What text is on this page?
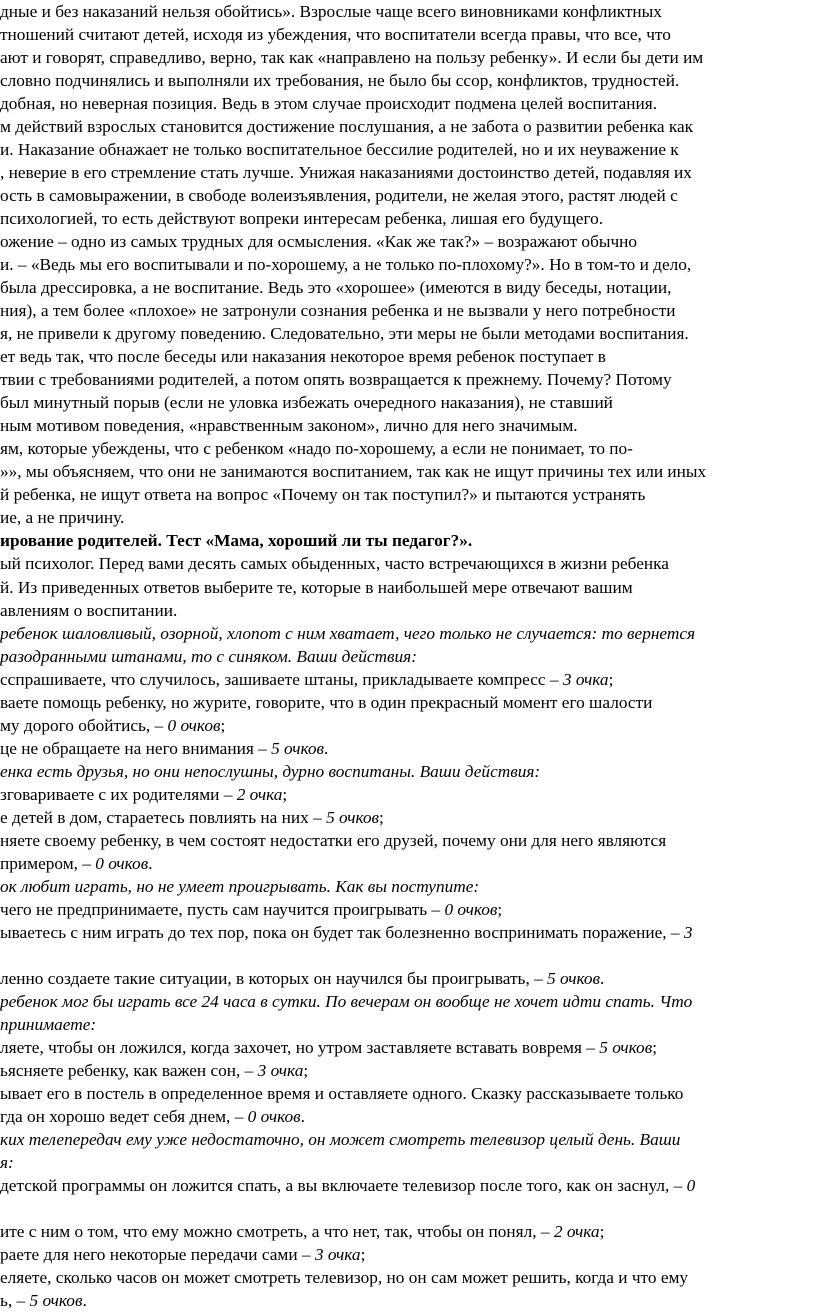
дные и без наказаний нельзя обойтись». Взрослые чаще всего виновниками конфликтных
тношений считают детей, исходя из убеждения, что воспитатели всегда правы, что все, что
ают и говорят, справедливо, верно, так как «направлено на пользу ребенку». И если бы дети им
словно подчинялись и выполняли их требования, не было бы ссор, конфликтов, трудностей.
добная, но неверная позиция. Ведь в этом случае происходит подмена целей воспитания.
м действий взрослых становится достижение послушания, а не забота о развитии ребенка как
и. Наказание обнажает не только воспитательное бессилие родителей, но и их неуважение к
, неверие в его стремление стать лучше. Унижая наказаниями достоинство детей, подавляя их
ость в самовыражении, в свободе волеизъявления, родители, не желая этого, растят людей с
психологией, то есть действуют вопреки интересам ребенка, лишая его будущего.
ожение – одно из самых трудных для осмысления. «Как же так?» – возражают обычно
и. – «Ведь мы его воспитывали и по-хорошему, а не только по-плохому?». Но в том-то и дело,
была дрессировка, а не воспитание. Ведь это «хорошее» (имеются в виду беседы, нотации,
ния), а тем более «плохое» не затронули сознания ребенка и не вызвали у него потребности
я, не привели к другому поведению. Следовательно, эти меры не были методами воспитания.
ет ведь так, что после беседы или наказания некоторое время ребенок поступает в
твии с требованиями родителей, а потом опять возвращается к прежнему. Почему? Потому
был минутный порыв (если не уловка избежать очередного наказания), не ставший
ным мотивом поведения, «нравственным законом», лично для него значимым.
ям, которые убеждены, что с ребенком «надо по-хорошему, а если не понимает, то по-
»», мы объясняем, что они не занимаются воспитанием, так как не ищут причины тех или иных
й ребенка, не ищут ответа на вопрос «Почему он так поступил?» и пытаются устранять
ие, а не причину.
ирование родителей. Тест «Мама, хороший ли ты педагог?».
ый психолог. Перед вами десять самых обыденных, часто встречающихся в жизни ребенка
й. Из приведенных ответов выберите те, которые в наибольшей мере отвечают вашим
авлениям о воспитании.
ребенок шаловливый, озорной, хлопот с ним хватает, чего только не случается: то вернется
разодранными штанами, то с синяком. Ваши действия:
сспрашиваете, что случилось, зашиваете штаны, прикладываете компресс – 3 очка;
ваете помощь ребенку, но журите, говорите, что в один прекрасный момент его шалости
му дорого обойтись, – 0 очков;
це не обращаете на него внимания – 5 очков.
енка есть друзья, но они непослушны, дурно воспитаны. Ваши действия:
зговариваете с их родителями – 2 очка;
е детей в дом, стараетесь повлиять на них – 5 очков;
няете своему ребенку, в чем состоят недостатки его друзей, почему они для него являются
примером, – 0 очков.
ок любит играть, но не умеет проигрывать. Как вы поступите:
чего не предпринимаете, пусть сам научится проигрывать – 0 очков;
ываетесь с ним играть до тех пор, пока он будет так болезненно воспринимать поражение, – 3
ленно создаете такие ситуации, в которых он научился бы проигрывать, – 5 очков.
ребенок мог бы играть все 24 часа в сутки. По вечерам он вообще не хочет идти спать. Что
принимаете:
ляете, чтобы он ложился, когда захочет, но утром заставляете вставать вовремя – 5 очков;
ьясняете ребенку, как важен сон, – 3 очка;
ывает его в постель в определенное время и оставляете одного. Сказку рассказываете только
гда он хорошо ведет себя днем, – 0 очков.
ких телепередач ему уже недостаточно, он может смотреть телевизор целый день. Ваши
я:
детской программы он ложится спать, а вы включаете телевизор после того, как он заснул, – 0
ите с ним о том, что ему можно смотреть, а что нет, так, чтобы он понял, – 2 очка;
раете для него некоторые передачи сами – 3 очка;
еляете, сколько часов он может смотреть телевизор, но он сам может решить, когда и что ему
ь, – 5 очков.
